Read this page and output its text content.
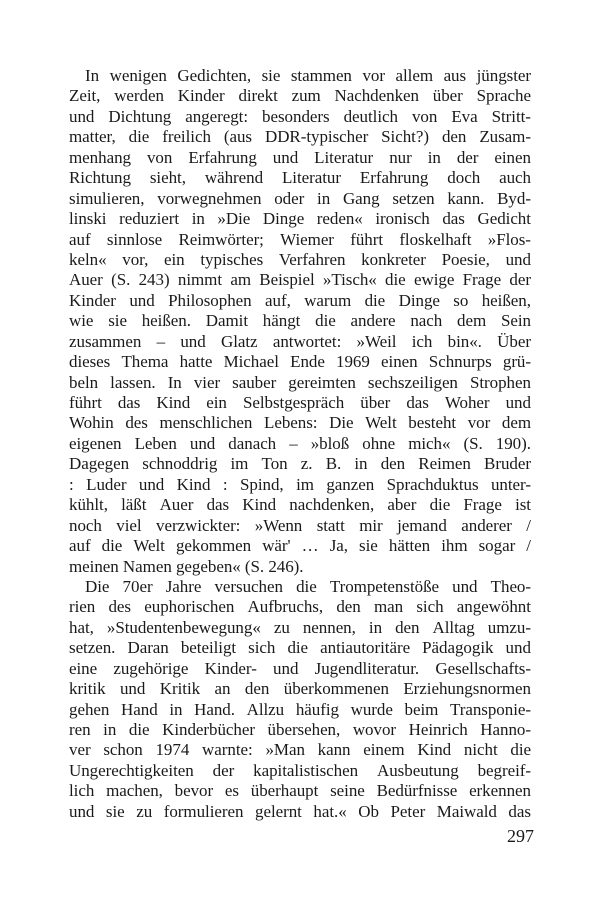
In wenigen Gedichten, sie stammen vor allem aus jüngster
Zeit, werden Kinder direkt zum Nachdenken über Sprache
und Dichtung angeregt: besonders deutlich von Eva Stritt-
matter, die freilich (aus DDR-typischer Sicht?) den Zusam-
menhang von Erfahrung und Literatur nur in der einen
Richtung sieht, während Literatur Erfahrung doch auch
simulieren, vorwegnehmen oder in Gang setzen kann. Byd-
linski reduziert in »Die Dinge reden« ironisch das Gedicht
auf sinnlose Reimwörter; Wiemer führt floskelhaft »Flos-
keln« vor, ein typisches Verfahren konkreter Poesie, und
Auer (S. 243) nimmt am Beispiel »Tisch« die ewige Frage der
Kinder und Philosophen auf, warum die Dinge so heißen,
wie sie heißen. Damit hängt die andere nach dem Sein
zusammen – und Glatz antwortet: »Weil ich bin«. Über
dieses Thema hatte Michael Ende 1969 einen Schnurps grü-
beln lassen. In vier sauber gereimten sechszeiligen Strophen
führt das Kind ein Selbstgespräch über das Woher und
Wohin des menschlichen Lebens: Die Welt besteht vor dem
eigenen Leben und danach – »bloß ohne mich« (S. 190).
Dagegen schnoddrig im Ton z. B. in den Reimen Bruder
: Luder und Kind : Spind, im ganzen Sprachduktus unter-
kühlt, läßt Auer das Kind nachdenken, aber die Frage ist
noch viel verzwickter: »Wenn statt mir jemand anderer /
auf die Welt gekommen wär' … Ja, sie hätten ihm sogar /
meinen Namen gegeben« (S. 246).
Die 70er Jahre versuchen die Trompetenstöße und Theo-
rien des euphorischen Aufbruchs, den man sich angewöhnt
hat, »Studentenbewegung« zu nennen, in den Alltag umzu-
setzen. Daran beteiligt sich die antiautoritäre Pädagogik und
eine zugehörige Kinder- und Jugendliteratur. Gesellschafts-
kritik und Kritik an den überkommenen Erziehungsnormen
gehen Hand in Hand. Allzu häufig wurde beim Transponie-
ren in die Kinderbücher übersehen, wovor Heinrich Hanno-
ver schon 1974 warnte: »Man kann einem Kind nicht die
Ungerechtigkeiten der kapitalistischen Ausbeutung begreif-
lich machen, bevor es überhaupt seine Bedürfnisse erkennen
und sie zu formulieren gelernt hat.« Ob Peter Maiwald das
297
